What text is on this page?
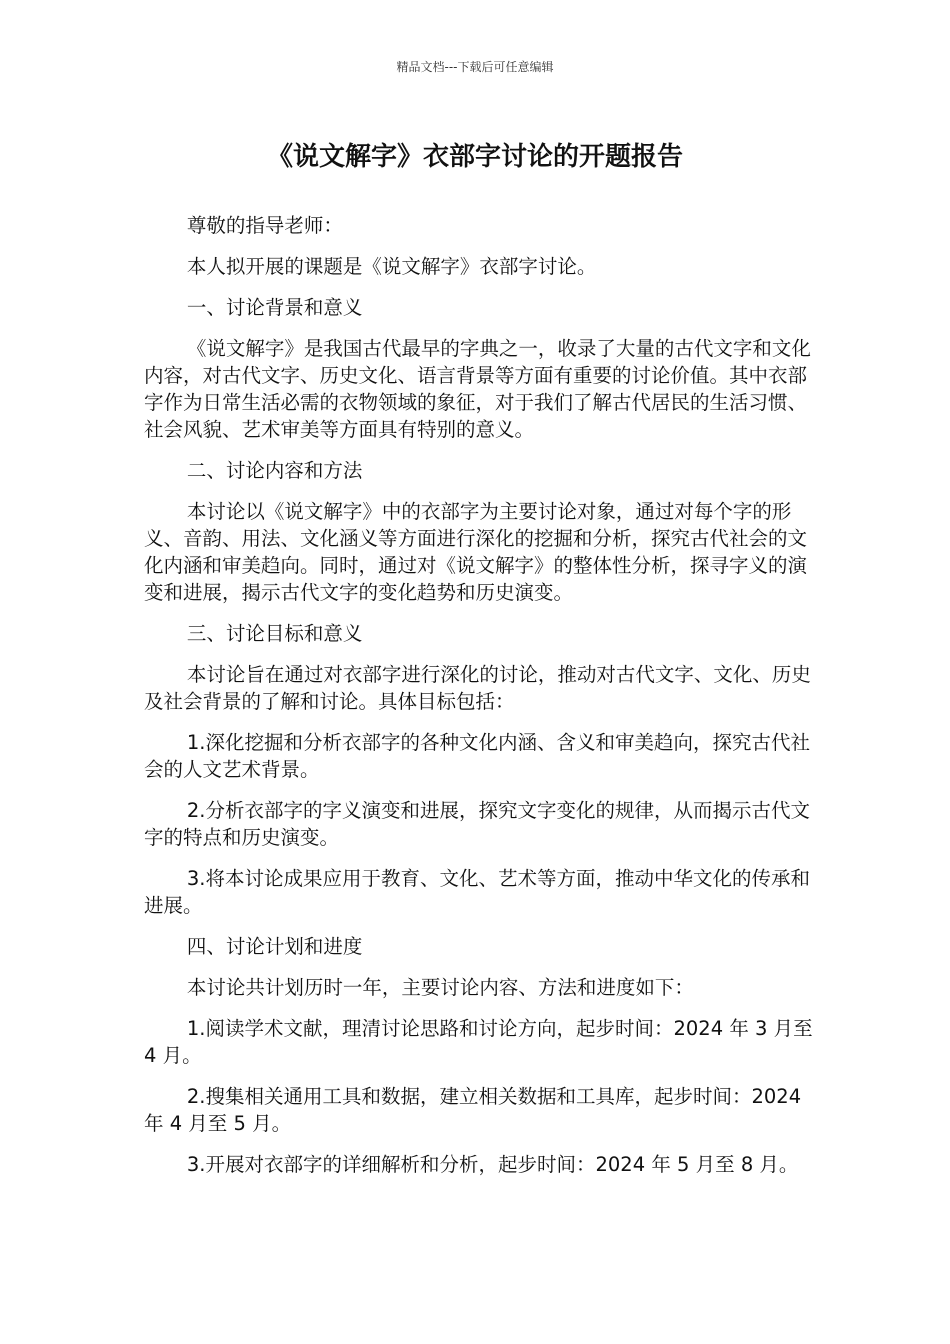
精品文档---下载后可任意编辑
《说文解字》衣部字讨论的开题报告

尊敬的指导老师：

本人拟开展的课题是《说文解字》衣部字讨论。

一、讨论背景和意义

《说文解字》是我国古代最早的字典之一，收录了大量的古代文字和文化内容，对古代文字、历史文化、语言背景等方面有重要的讨论价值。其中衣部字作为日常生活必需的衣物领域的象征，对于我们了解古代居民的生活习惯、社会风貌、艺术审美等方面具有特别的意义。

二、讨论内容和方法

本讨论以《说文解字》中的衣部字为主要讨论对象，通过对每个字的形义、音韵、用法、文化涵义等方面进行深化的挖掘和分析，探究古代社会的文化内涵和审美趋向。同时，通过对《说文解字》的整体性分析，探寻字义的演变和进展，揭示古代文字的变化趋势和历史演变。

三、讨论目标和意义

本讨论旨在通过对衣部字进行深化的讨论，推动对古代文字、文化、历史及社会背景的了解和讨论。具体目标包括：

1.深化挖掘和分析衣部字的各种文化内涵、含义和审美趋向，探究古代社会的人文艺术背景。

2.分析衣部字的字义演变和进展，探究文字变化的规律，从而揭示古代文字的特点和历史演变。

3.将本讨论成果应用于教育、文化、艺术等方面，推动中华文化的传承和进展。

四、讨论计划和进度

本讨论共计划历时一年，主要讨论内容、方法和进度如下：

1.阅读学术文献，理清讨论思路和讨论方向，起步时间：2024 年 3 月至 4 月。

2.搜集相关通用工具和数据，建立相关数据和工具库，起步时间：2024 年 4 月至 5 月。

3.开展对衣部字的详细解析和分析，起步时间：2024 年 5 月至 8 月。
